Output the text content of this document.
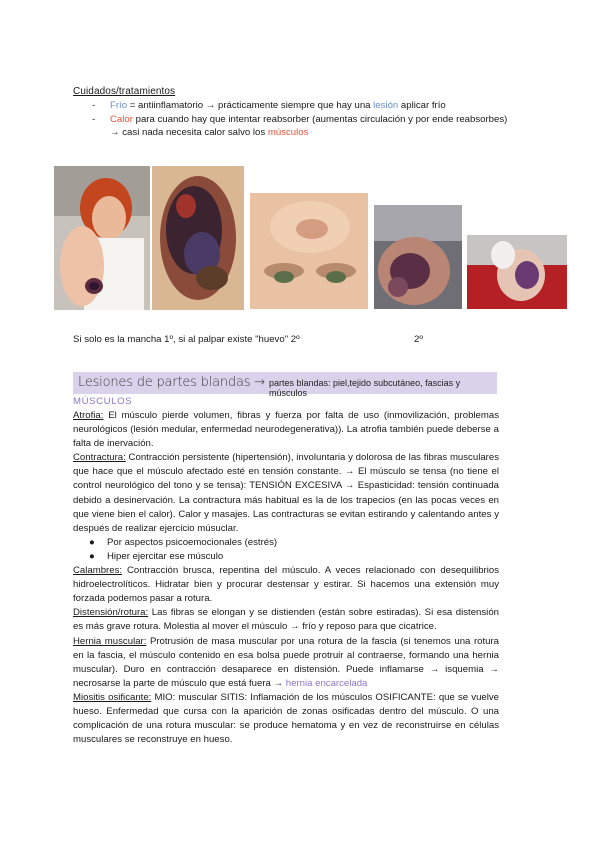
Cuidados/tratamientos
- Frío = antiinflamatorio → prácticamente siempre que hay una lesión aplicar frío
- Calor para cuando hay que intentar reabsorber (aumentas circulación y por ende reabsorbes) → casi nada necesita calor salvo los músculos
Si solo es la mancha 1º, si al palpar existe "huevo" 2º	2º
Lesiones de partes blandas → partes blandas: piel,tejido subcutáneo, fascias y músculos
MÚSCULOS

Atrofia: El músculo pierde volumen, fibras y fuerza por falta de uso (inmovilización, problemas neurológicos (lesión medular, enfermedad neurodegenerativa)). La atrofia también puede deberse a falta de inervación.

Contractura: Contracción persistente (hipertensión), involuntaria y dolorosa de las fibras musculares que hace que el músculo afectado esté en tensión constante. → El músculo se tensa (no tiene el control neurológico del tono y se tensa): TENSIÓN EXCESIVA → Espasticidad: tensión continuada debido a desinervación. La contractura más habitual es la de los trapecios (en las pocas veces en que viene bien el calor). Calor y masajes. Las contracturas se evitan estirando y calentando antes y después de realizar ejercicio músuclar.

● Por aspectos psicoemocionales (estrés)
● Hiper ejercitar ese músculo

Calambres: Contracción brusca, repentina del músculo. A veces relacionado con desequilibrios hidroelectrolíticos. Hidratar bien y procurar destensar y estirar. Si hacemos una extensión muy forzada podemos pasar a rotura.

Distensión/rotura: Las fibras se elongan y se distienden (están sobre estiradas). Si esa distensión es más grave rotura. Molestia al mover el músculo → frío y reposo para que cicatrice.

Hernia muscular: Protrusión de masa muscular por una rotura de la fascia (si tenemos una rotura en la fascia, el músculo contenido en esa bolsa puede protruir al contraerse, formando una hernia muscular). Duro en contracción desaparece en distensión. Puede inflamarse → isquemia → necrosarse la parte de músculo que está fuera → hernia encarcelada

Miositis osificante: MIO: muscular SITIS: Inflamación de los músculos OSIFICANTE: que se vuelve hueso. Enfermedad que cursa con la aparición de zonas osificadas dentro del músculo. O una complicación de una rotura muscular: se produce hematoma y en vez de reconstruirse en células musculares se reconstruye en hueso.
